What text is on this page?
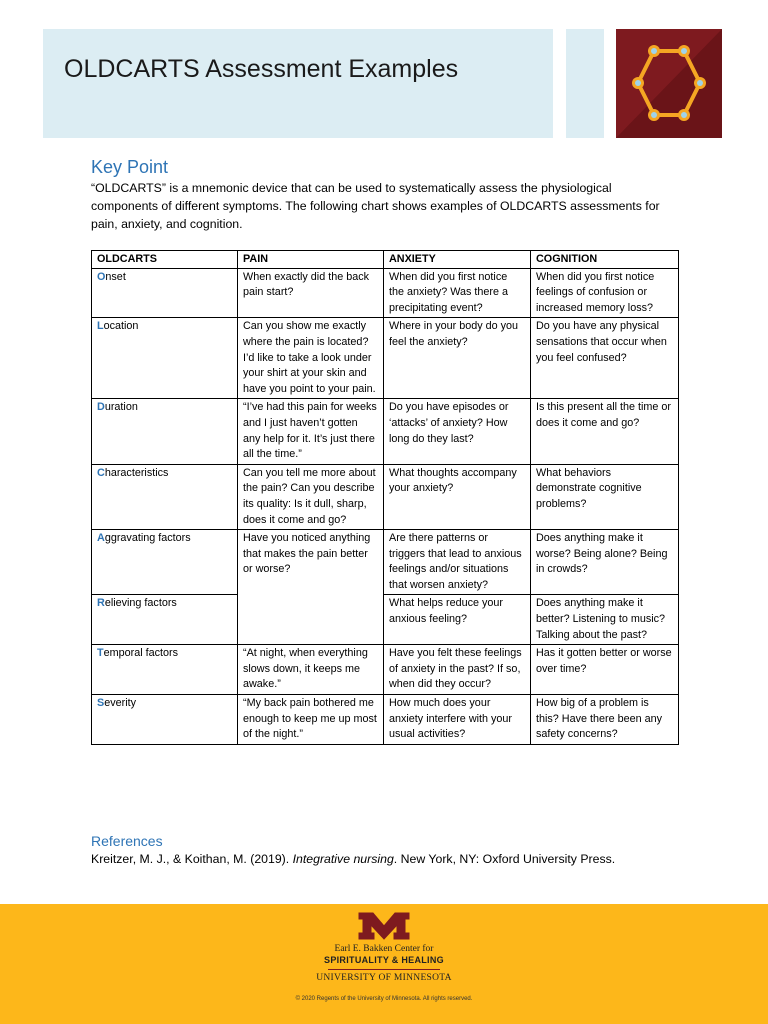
OLDCARTS Assessment Examples
Key Point
“OLDCARTS” is a mnemonic device that can be used to systematically assess the physiological components of different symptoms. The following chart shows examples of OLDCARTS assessments for pain, anxiety, and cognition.
OLDCARTS	PAIN	ANXIETY	COGNITION
Onset	When exactly did the back pain start?	When did you first notice the anxiety? Was there a precipitating event?	When did you first notice feelings of confusion or increased memory loss?
Location	Can you show me exactly where the pain is located? I’d like to take a look under your shirt at your skin and have you point to your pain.	Where in your body do you feel the anxiety?	Do you have any physical sensations that occur when you feel confused?
Duration	“I’ve had this pain for weeks and I just haven’t gotten any help for it. It’s just there all the time.”	Do you have episodes or ‘attacks’ of anxiety? How long do they last?	Is this present all the time or does it come and go?
Characteristics	Can you tell me more about the pain? Can you describe its quality: Is it dull, sharp, does it come and go?	What thoughts accompany your anxiety?	What behaviors demonstrate cognitive problems?
Aggravating factors	Have you noticed anything that makes the pain better or worse?	Are there patterns or triggers that lead to anxious feelings and/or situations that worsen anxiety?	Does anything make it worse? Being alone? Being in crowds?
Relieving factors		What helps reduce your anxious feeling?	Does anything make it better? Listening to music? Talking about the past?
Temporal factors	“At night, when everything slows down, it keeps me awake.”	Have you felt these feelings of anxiety in the past? If so, when did they occur?	Has it gotten better or worse over time?
Severity	“My back pain bothered me enough to keep me up most of the night.”	How much does your anxiety interfere with your usual activities?	How big of a problem is this? Have there been any safety concerns?
References
Kreitzer, M. J., & Koithan, M. (2019). Integrative nursing. New York, NY: Oxford University Press.
Earl E. Bakken Center for
SPIRITUALITY & HEALING
UNIVERSITY OF MINNESOTA
© 2020 Regents of the University of Minnesota. All rights reserved.
